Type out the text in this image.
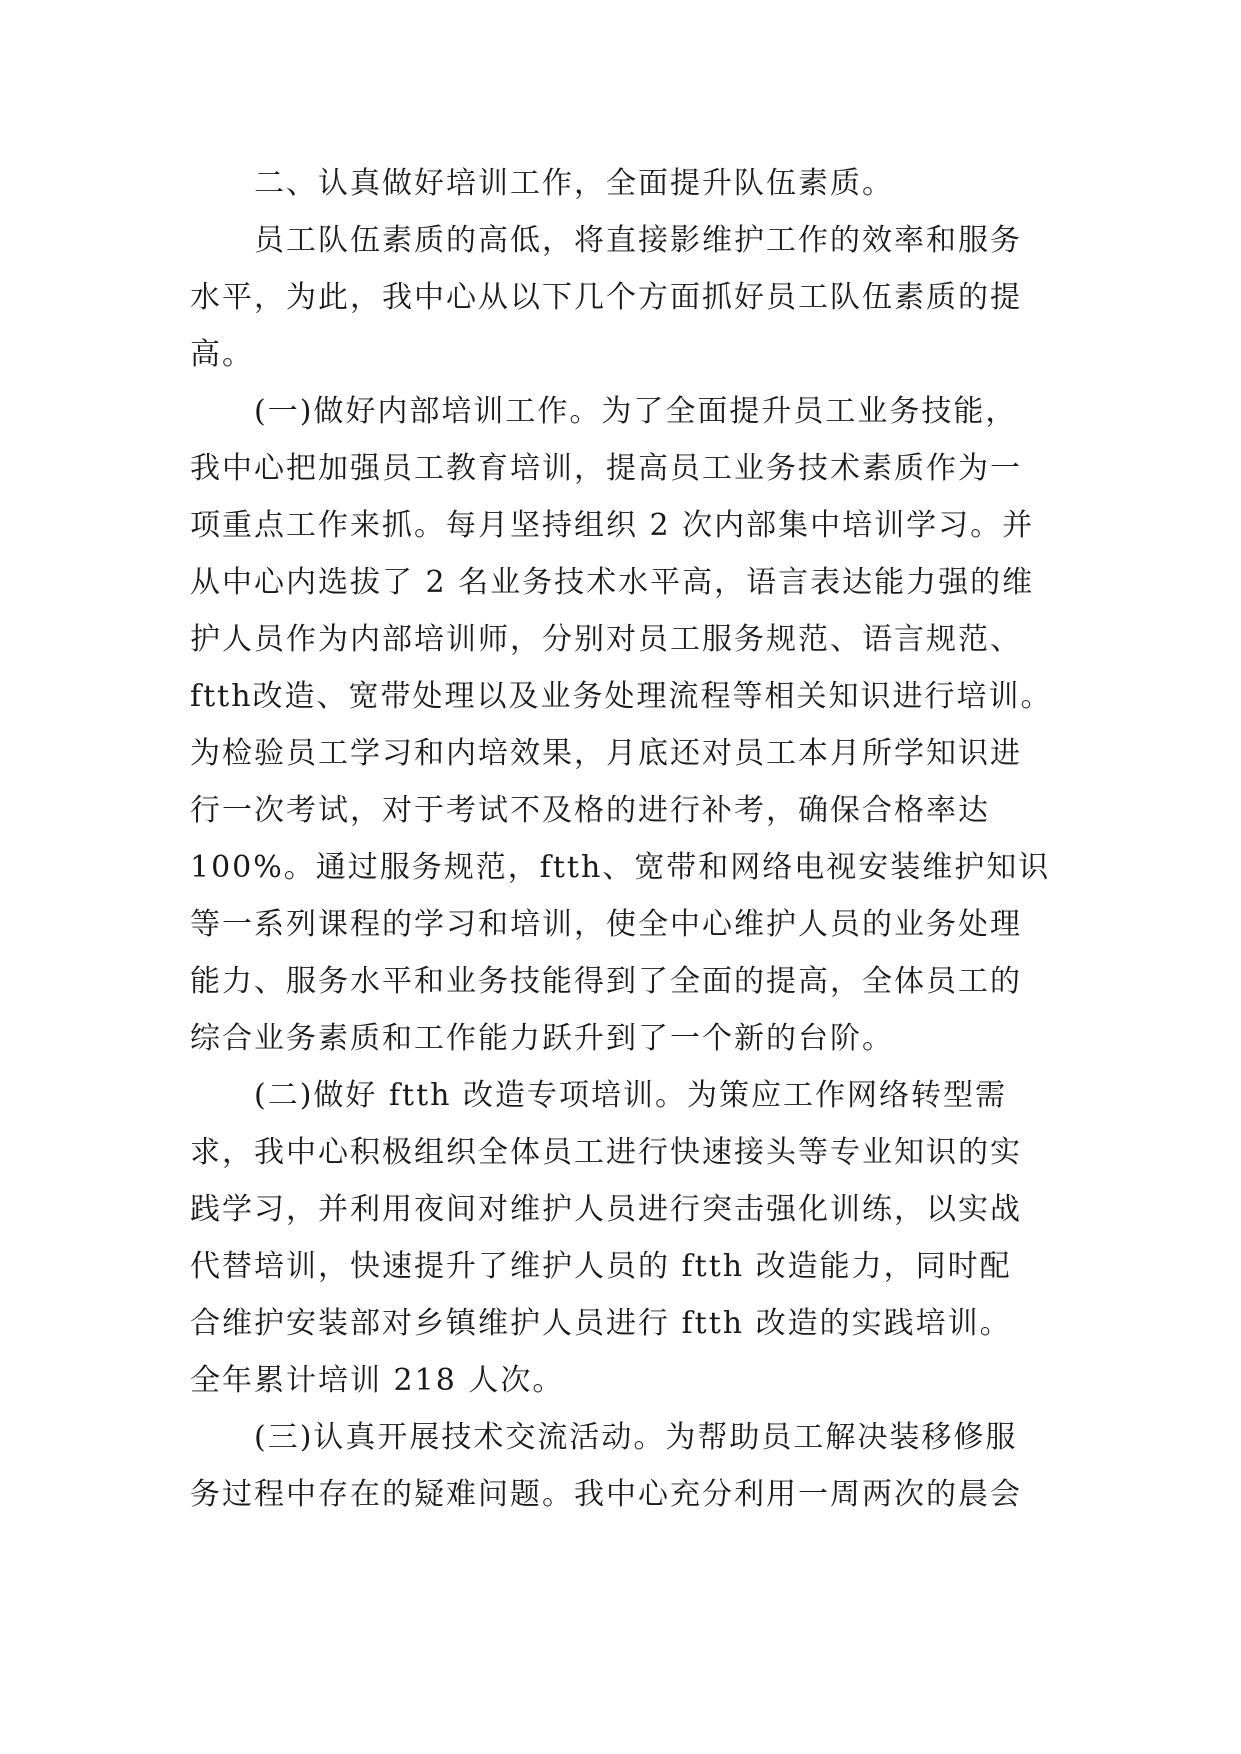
二、认真做好培训工作，全面提升队伍素质。
员工队伍素质的高低，将直接影维护工作的效率和服务
水平，为此，我中心从以下几个方面抓好员工队伍素质的提
高。
(一)做好内部培训工作。为了全面提升员工业务技能，
我中心把加强员工教育培训，提高员工业务技术素质作为一
项重点工作来抓。每月坚持组织 2 次内部集中培训学习。并
从中心内选拔了 2 名业务技术水平高，语言表达能力强的维
护人员作为内部培训师，分别对员工服务规范、语言规范、
ftth改造、宽带处理以及业务处理流程等相关知识进行培训。
为检验员工学习和内培效果，月底还对员工本月所学知识进
行一次考试，对于考试不及格的进行补考，确保合格率达
100%。通过服务规范，ftth、宽带和网络电视安装维护知识
等一系列课程的学习和培训，使全中心维护人员的业务处理
能力、服务水平和业务技能得到了全面的提高，全体员工的
综合业务素质和工作能力跃升到了一个新的台阶。
(二)做好 ftth 改造专项培训。为策应工作网络转型需
求，我中心积极组织全体员工进行快速接头等专业知识的实
践学习，并利用夜间对维护人员进行突击强化训练，以实战
代替培训，快速提升了维护人员的 ftth 改造能力，同时配
合维护安装部对乡镇维护人员进行 ftth 改造的实践培训。
全年累计培训 218 人次。
(三)认真开展技术交流活动。为帮助员工解决装移修服
务过程中存在的疑难问题。我中心充分利用一周两次的晨会
